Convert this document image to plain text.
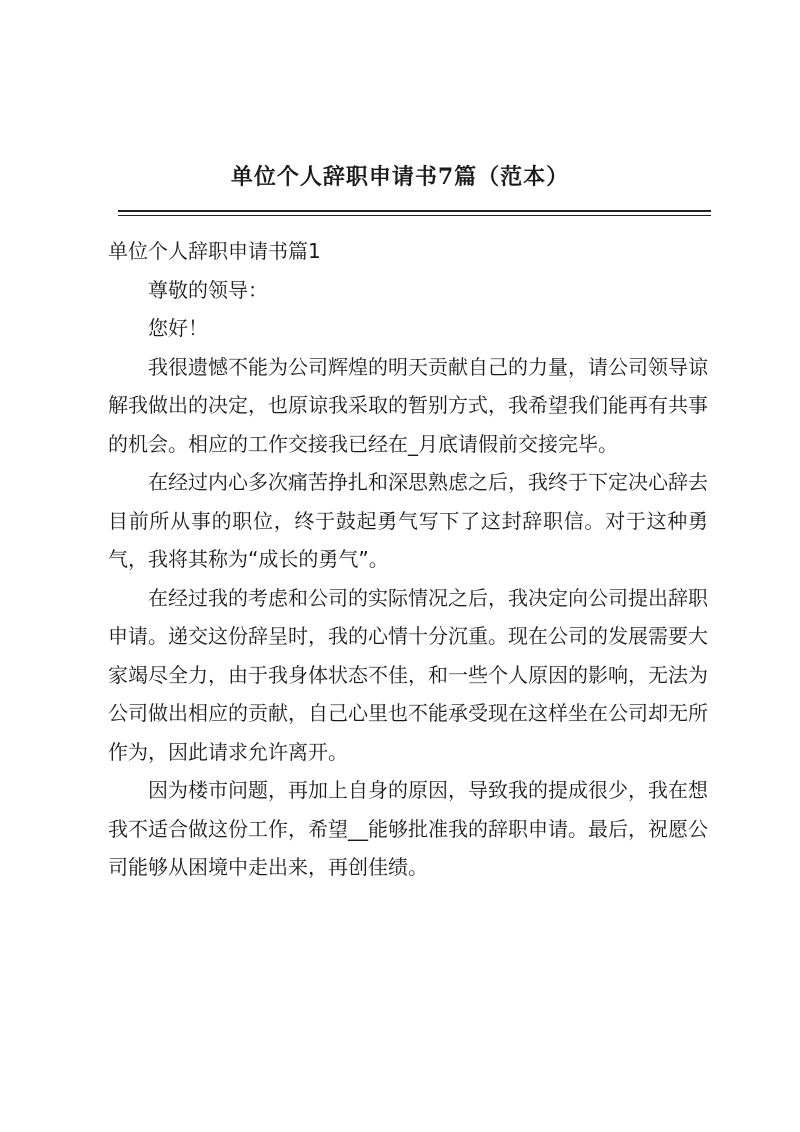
单位个人辞职申请书7篇（范本）

单位个人辞职申请书篇1

尊敬的领导：

您好！

我很遗憾不能为公司辉煌的明天贡献自己的力量，请公司领导谅解我做出的决定，也原谅我采取的暂别方式，我希望我们能再有共事的机会。相应的工作交接我已经在_月底请假前交接完毕。

在经过内心多次痛苦挣扎和深思熟虑之后，我终于下定决心辞去目前所从事的职位，终于鼓起勇气写下了这封辞职信。对于这种勇气，我将其称为“成长的勇气”。

在经过我的考虑和公司的实际情况之后，我决定向公司提出辞职申请。递交这份辞呈时，我的心情十分沉重。现在公司的发展需要大家竭尽全力，由于我身体状态不佳，和一些个人原因的影响，无法为公司做出相应的贡献，自己心里也不能承受现在这样坐在公司却无所作为，因此请求允许离开。

因为楼市问题，再加上自身的原因，导致我的提成很少，我在想我不适合做这份工作，希望__能够批准我的辞职申请。最后，祝愿公司能够从困境中走出来，再创佳绩。
